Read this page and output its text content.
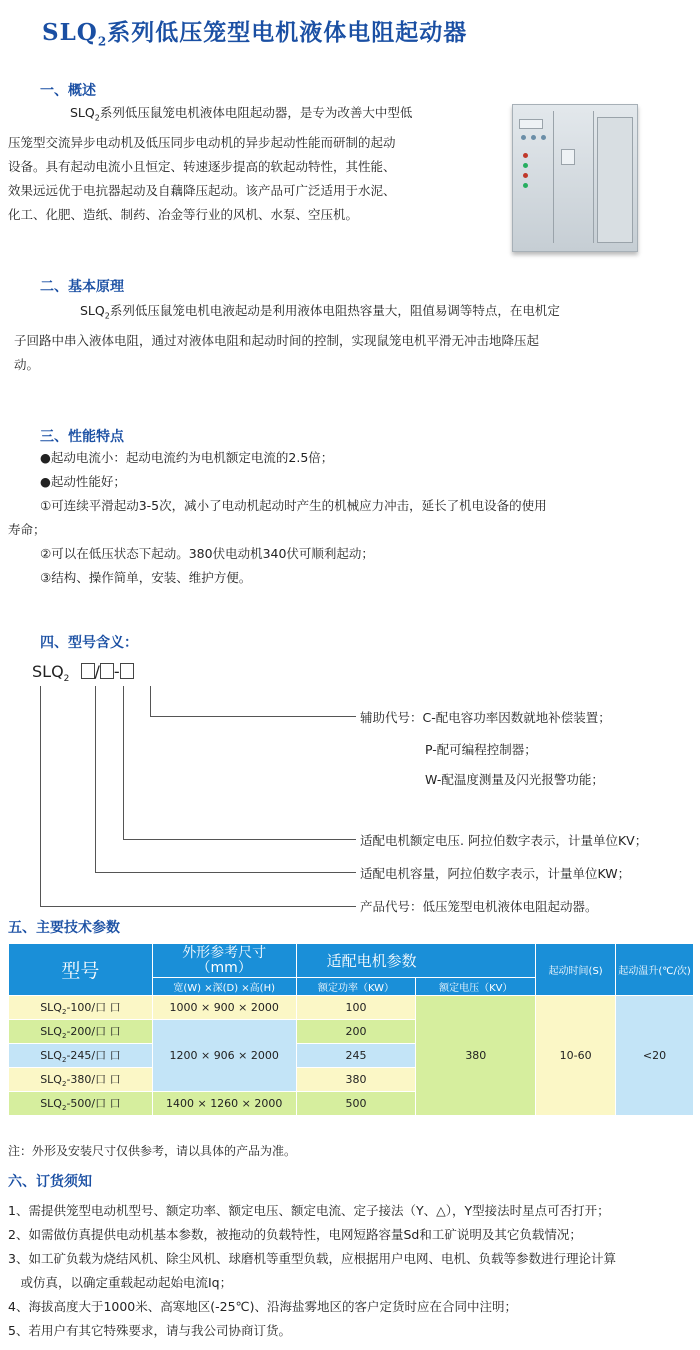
$SLQ_2$系列低压笼型电机液体电阻起动器
一、概述
$SLQ_2$系列低压鼠笼电机液体电阻起动器，是专为改善大中型低
压笼型交流异步电动机及低压同步电动机的异步起动性能而研制的起动
设备。具有起动电流小且恒定、转速逐步提高的软起动特性，其性能、
效果远远优于电抗器起动及自藕降压起动。该产品可广泛适用于水泥、
化工、化肥、造纸、制药、冶金等行业的风机、水泵、空压机。
二、基本原理
$SLQ_2$系列低压鼠笼电机电液起动是利用液体电阻热容量大，阻值易调等特点，在电机定
子回路中串入液体电阻，通过对液体电阻和起动时间的控制，实现鼠笼电机平滑无冲击地降压起
动。
三、性能特点
●起动电流小：起动电流约为电机额定电流的2.5倍；
●起动性能好；
①可连续平滑起动3-5次，减小了电动机起动时产生的机械应力冲击，延长了机电设备的使用
寿命；
②可以在低压状态下起动。380伏电动机340伏可顺利起动；
③结构、操作简单，安装、维护方便。
四、型号含义：
$SLQ_2$ / -
辅助代号：C-配电容功率因数就地补偿装置；
P-配可编程控制器；
W-配温度测量及闪光报警功能；
适配电机额定电压. 阿拉伯数字表示，计量单位KV；
适配电机容量，阿拉伯数字表示，计量单位KW；
产品代号：低压笼型电机液体电阻起动器。
五、主要技术参数
型号	外形参考尺寸
（mm）	适配电机参数		起动时间(S)	起动温升(℃/次)
	宽(W) ×深(D) ×高(H)	额定功率（KW）	额定电压（KV）		
$SLQ_2-100/$口 口	1000 × 900 × 2000	100	380	10-60	<20
$SLQ_2-200/$口 口	1200 × 906 × 2000	200			
$SLQ_2-245/$口 口		245			
$SLQ_2-380/$口 口		380			
$SLQ_2-500/$口 口	1400 × 1260 × 2000	500			
注：外形及安装尺寸仅供参考，请以具体的产品为准。
六、订货须知
1、需提供笼型电动机型号、额定功率、额定电压、额定电流、定子接法（Y、△），Y型接法时星点可否打开；
2、如需做仿真提供电动机基本参数，被拖动的负载特性，电网短路容量Sd和工矿说明及其它负载情况；
3、如工矿负载为烧结风机、除尘风机、球磨机等重型负载，应根据用户电网、电机、负载等参数进行理论计算
　或仿真，以确定重载起动起始电流Iq；
4、海拔高度大于1000米、高寒地区(-25℃)、沿海盐雾地区的客户定货时应在合同中注明；
5、若用户有其它特殊要求，请与我公司协商订货。
